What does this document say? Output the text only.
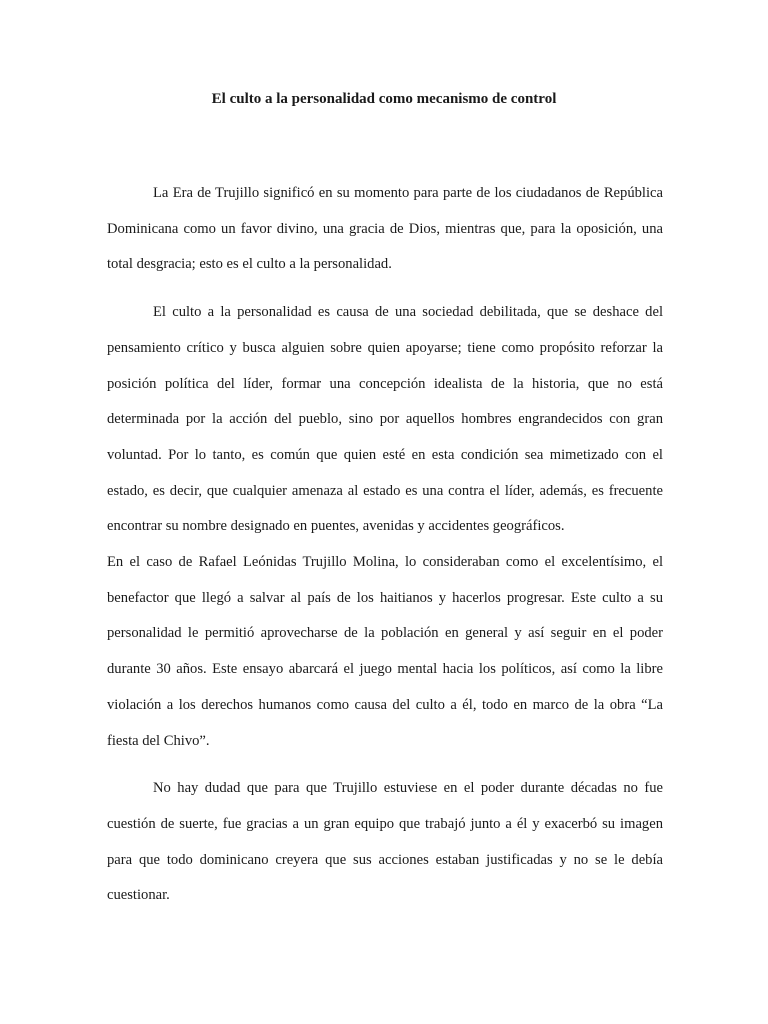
El culto a la personalidad como mecanismo de control

La Era de Trujillo significó en su momento para parte de los ciudadanos de República Dominicana como un favor divino, una gracia de Dios, mientras que, para la oposición, una total desgracia; esto es el culto a la personalidad.

El culto a la personalidad es causa de una sociedad debilitada, que se deshace del pensamiento crítico y busca alguien sobre quien apoyarse; tiene como propósito reforzar la posición política del líder, formar una concepción idealista de la historia, que no está determinada por la acción del pueblo, sino por aquellos hombres engrandecidos con gran voluntad. Por lo tanto, es común que quien esté en esta condición sea mimetizado con el estado, es decir, que cualquier amenaza al estado es una contra el líder, además, es frecuente encontrar su nombre designado en puentes, avenidas y accidentes geográficos.

En el caso de Rafael Leónidas Trujillo Molina, lo consideraban como el excelentísimo, el benefactor que llegó a salvar al país de los haitianos y hacerlos progresar. Este culto a su personalidad le permitió aprovecharse de la población en general y así seguir en el poder durante 30 años. Este ensayo abarcará el juego mental hacia los políticos, así como la libre violación a los derechos humanos como causa del culto a él, todo en marco de la obra “La fiesta del Chivo”.

No hay dudad que para que Trujillo estuviese en el poder durante décadas no fue cuestión de suerte, fue gracias a un gran equipo que trabajó junto a él y exacerbó su imagen para que todo dominicano creyera que sus acciones estaban justificadas y no se le debía cuestionar.
